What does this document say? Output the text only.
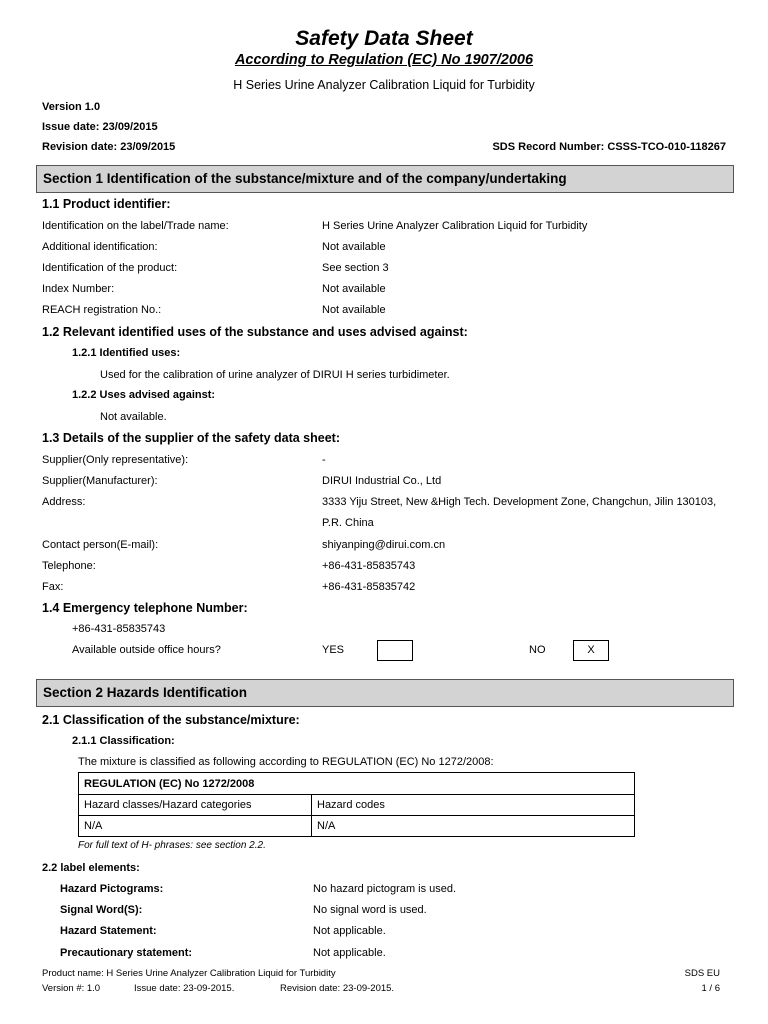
Safety Data Sheet
According to Regulation (EC) No 1907/2006
H Series Urine Analyzer Calibration Liquid for Turbidity
Version 1.0
Issue date: 23/09/2015
Revision date: 23/09/2015	SDS Record Number: CSSS-TCO-010-118267
Section 1 Identification of the substance/mixture and of the company/undertaking
1.1 Product identifier:
Identification on the label/Trade name:	H Series Urine Analyzer Calibration Liquid for Turbidity
Additional identification:	Not available
Identification of the product:	See section 3
Index Number:	Not available
REACH registration No.:	Not available
1.2 Relevant identified uses of the substance and uses advised against:
1.2.1 Identified uses:
Used for the calibration of urine analyzer of DIRUI H series turbidimeter.
1.2.2 Uses advised against:
Not available.
1.3 Details of the supplier of the safety data sheet:
Supplier(Only representative):	-
Supplier(Manufacturer):	DIRUI Industrial Co., Ltd
Address:	3333 Yiju Street, New &High Tech. Development Zone, Changchun, Jilin 130103,
P.R. China
Contact person(E-mail):	shiyanping@dirui.com.cn
Telephone:	+86-431-85835743
Fax:	+86-431-85835742
1.4 Emergency telephone Number:
+86-431-85835743
Available outside office hours?	YES	NO	X
Section 2 Hazards Identification
2.1 Classification of the substance/mixture:
2.1.1 Classification:
The mixture is classified as following according to REGULATION (EC) No 1272/2008:
REGULATION (EC) No 1272/2008	
Hazard classes/Hazard categories	Hazard codes
N/A	N/A
For full text of H- phrases: see section 2.2.
2.2 label elements:
Hazard Pictograms:	No hazard pictogram is used.
Signal Word(S):	No signal word is used.
Hazard Statement:	Not applicable.
Precautionary statement:	Not applicable.
Product name: H Series Urine Analyzer Calibration Liquid for Turbidity	SDS EU
Version #: 1.0	Issue date: 23-09-2015.	Revision date: 23-09-2015.	1 / 6
